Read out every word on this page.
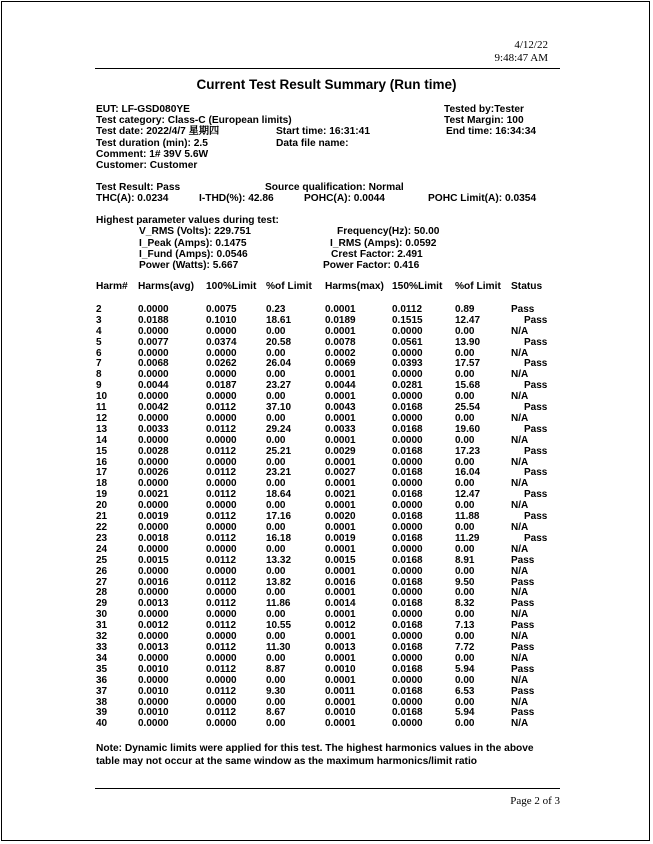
4/12/22
9:48:47 AM
Current Test Result Summary (Run time)
EUT: LF-GSD080YE	Tested by:Tester
Test category: Class-C (European limits)	Test Margin: 100
Test date: 2022/4/7 星期四	Start time: 16:31:41	End time: 16:34:34
Test duration (min): 2.5	Data file name:
Comment: 1# 39V 5.6W
Customer: Customer
Test Result: Pass	Source qualification: Normal
THC(A): 0.0234	I-THD(%): 42.86	POHC(A): 0.0044	POHC Limit(A): 0.0354
Highest parameter values during test:
V_RMS (Volts): 229.751	Frequency(Hz): 50.00
I_Peak (Amps): 0.1475	I_RMS (Amps): 0.0592
I_Fund (Amps): 0.0546	Crest Factor: 2.491
Power (Watts): 5.667	Power Factor: 0.416
Harm#	Harms(avg)	100%Limit	%of Limit	Harms(max)	150%Limit	%of Limit	Status

2	0.0000	0.0075	0.23	0.0001	0.0112	0.89	Pass
3	0.0188	0.1010	18.61	0.0189	0.1515	12.47	Pass
4	0.0000	0.0000	0.00	0.0001	0.0000	0.00	N/A
5	0.0077	0.0374	20.58	0.0078	0.0561	13.90	Pass
6	0.0000	0.0000	0.00	0.0002	0.0000	0.00	N/A
7	0.0068	0.0262	26.04	0.0069	0.0393	17.57	Pass
8	0.0000	0.0000	0.00	0.0001	0.0000	0.00	N/A
9	0.0044	0.0187	23.27	0.0044	0.0281	15.68	Pass
10	0.0000	0.0000	0.00	0.0001	0.0000	0.00	N/A
11	0.0042	0.0112	37.10	0.0043	0.0168	25.54	Pass
12	0.0000	0.0000	0.00	0.0001	0.0000	0.00	N/A
13	0.0033	0.0112	29.24	0.0033	0.0168	19.60	Pass
14	0.0000	0.0000	0.00	0.0001	0.0000	0.00	N/A
15	0.0028	0.0112	25.21	0.0029	0.0168	17.23	Pass
16	0.0000	0.0000	0.00	0.0001	0.0000	0.00	N/A
17	0.0026	0.0112	23.21	0.0027	0.0168	16.04	Pass
18	0.0000	0.0000	0.00	0.0001	0.0000	0.00	N/A
19	0.0021	0.0112	18.64	0.0021	0.0168	12.47	Pass
20	0.0000	0.0000	0.00	0.0001	0.0000	0.00	N/A
21	0.0019	0.0112	17.16	0.0020	0.0168	11.88	Pass
22	0.0000	0.0000	0.00	0.0001	0.0000	0.00	N/A
23	0.0018	0.0112	16.18	0.0019	0.0168	11.29	Pass
24	0.0000	0.0000	0.00	0.0001	0.0000	0.00	N/A
25	0.0015	0.0112	13.32	0.0015	0.0168	8.91	Pass
26	0.0000	0.0000	0.00	0.0001	0.0000	0.00	N/A
27	0.0016	0.0112	13.82	0.0016	0.0168	9.50	Pass
28	0.0000	0.0000	0.00	0.0001	0.0000	0.00	N/A
29	0.0013	0.0112	11.86	0.0014	0.0168	8.32	Pass
30	0.0000	0.0000	0.00	0.0001	0.0000	0.00	N/A
31	0.0012	0.0112	10.55	0.0012	0.0168	7.13	Pass
32	0.0000	0.0000	0.00	0.0001	0.0000	0.00	N/A
33	0.0013	0.0112	11.30	0.0013	0.0168	7.72	Pass
34	0.0000	0.0000	0.00	0.0001	0.0000	0.00	N/A
35	0.0010	0.0112	8.87	0.0010	0.0168	5.94	Pass
36	0.0000	0.0000	0.00	0.0001	0.0000	0.00	N/A
37	0.0010	0.0112	9.30	0.0011	0.0168	6.53	Pass
38	0.0000	0.0000	0.00	0.0001	0.0000	0.00	N/A
39	0.0010	0.0112	8.67	0.0010	0.0168	5.94	Pass
40	0.0000	0.0000	0.00	0.0001	0.0000	0.00	N/A
Note: Dynamic limits were applied for this test. The highest harmonics values in the above
table may not occur at the same window as the maximum harmonics/limit ratio
Page 2 of 3
